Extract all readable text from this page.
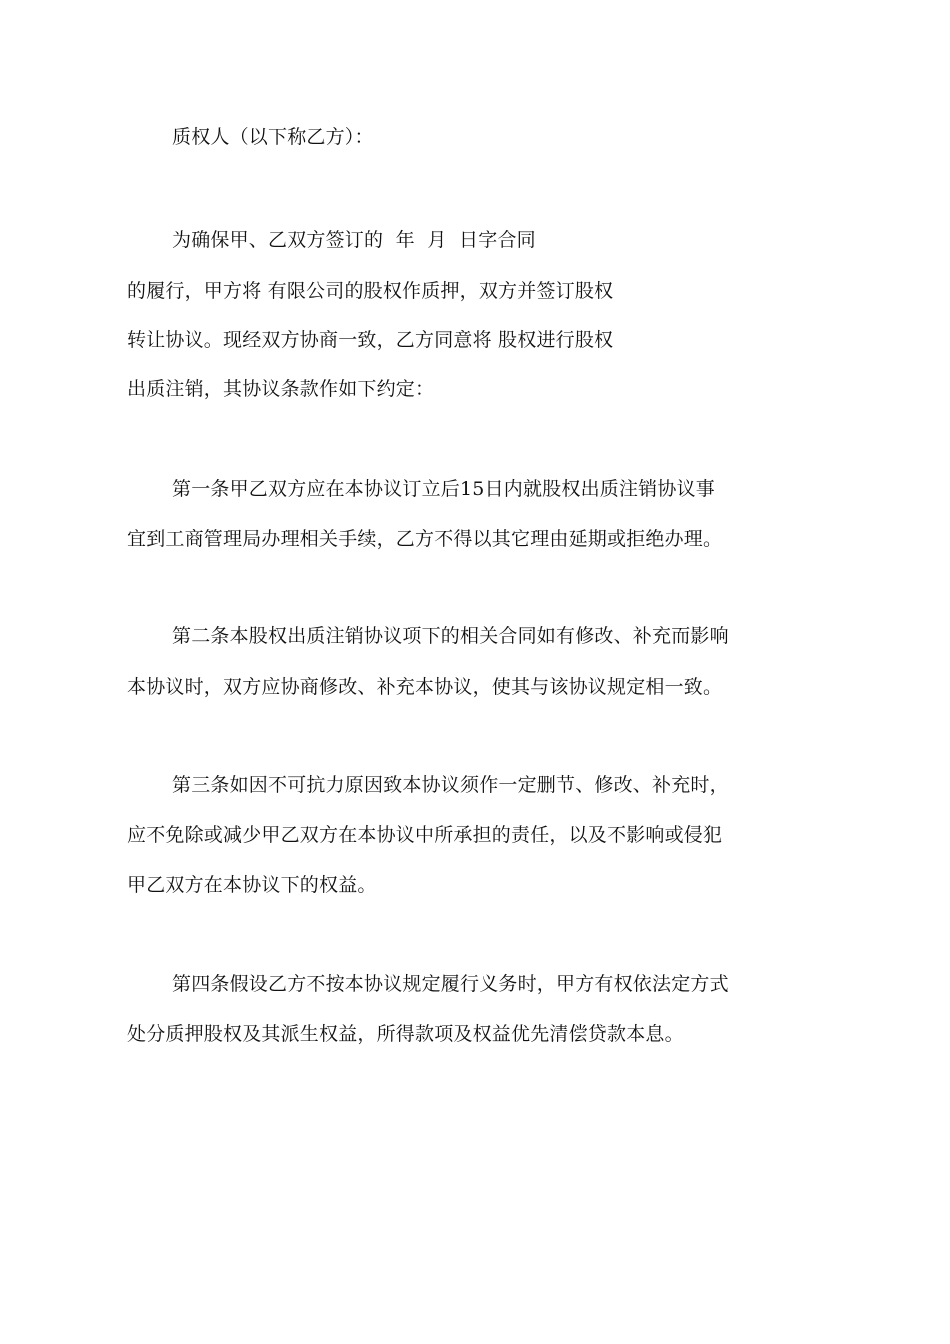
质权人（以下称乙方）：
为确保甲、乙双方签订的  年  月  日字合同
的履行，甲方将 有限公司的股权作质押，双方并签订股权
转让协议。现经双方协商一致，乙方同意将 股权进行股权
出质注销，其协议条款作如下约定：
第一条甲乙双方应在本协议订立后15日内就股权出质注销协议事
宜到工商管理局办理相关手续，乙方不得以其它理由延期或拒绝办理。
第二条本股权出质注销协议项下的相关合同如有修改、补充而影响
本协议时，双方应协商修改、补充本协议，使其与该协议规定相一致。
第三条如因不可抗力原因致本协议须作一定删节、修改、补充时，
应不免除或减少甲乙双方在本协议中所承担的责任，以及不影响或侵犯
甲乙双方在本协议下的权益。
第四条假设乙方不按本协议规定履行义务时，甲方有权依法定方式
处分质押股权及其派生权益，所得款项及权益优先清偿贷款本息。
